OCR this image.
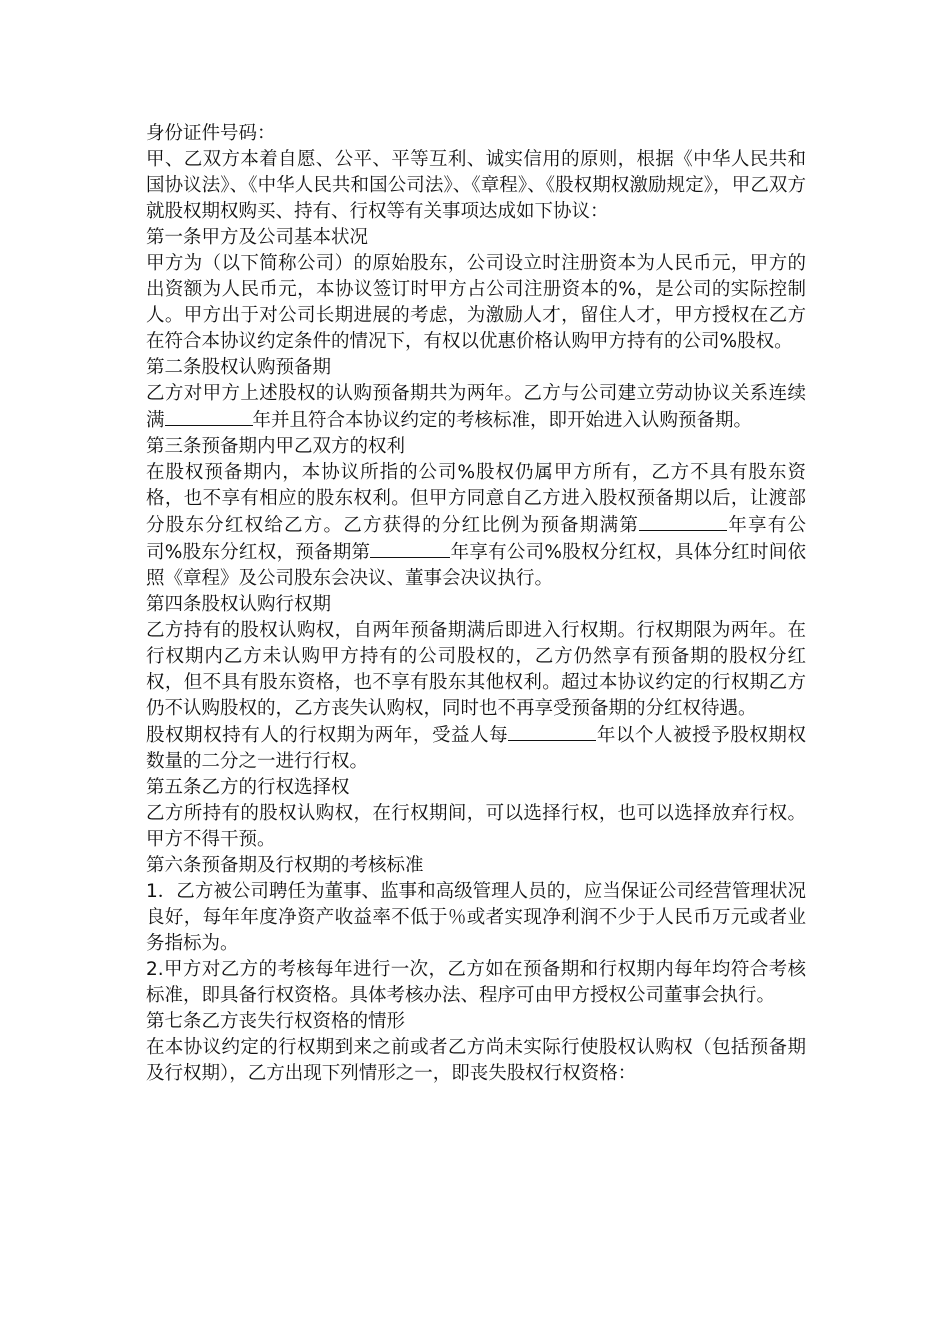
身份证件号码：

甲、乙双方本着自愿、公平、平等互利、诚实信用的原则，根据《中华人民共和国协议法》、《中华人民共和国公司法》、《章程》、《股权期权激励规定》，甲乙双方就股权期权购买、持有、行权等有关事项达成如下协议：

第一条甲方及公司基本状况

甲方为（以下简称公司）的原始股东，公司设立时注册资本为人民币元，甲方的出资额为人民币元，本协议签订时甲方占公司注册资本的%，是公司的实际控制人。甲方出于对公司长期进展的考虑，为激励人才，留住人才，甲方授权在乙方在符合本协议约定条件的情况下，有权以优惠价格认购甲方持有的公司%股权。

第二条股权认购预备期

乙方对甲方上述股权的认购预备期共为两年。乙方与公司建立劳动协议关系连续满	年并且符合本协议约定的考核标准，即开始进入认购预备期。

第三条预备期内甲乙双方的权利

在股权预备期内，本协议所指的公司%股权仍属甲方所有，乙方不具有股东资格，也不享有相应的股东权利。但甲方同意自乙方进入股权预备期以后，让渡部分股东分红权给乙方。乙方获得的分红比例为预备期满第	年享有公司%股东分红权，预备期第	年享有公司%股权分红权，具体分红时间依照《章程》及公司股东会决议、董事会决议执行。

第四条股权认购行权期

乙方持有的股权认购权，自两年预备期满后即进入行权期。行权期限为两年。在行权期内乙方未认购甲方持有的公司股权的，乙方仍然享有预备期的股权分红权，但不具有股东资格，也不享有股东其他权利。超过本协议约定的行权期乙方仍不认购股权的，乙方丧失认购权，同时也不再享受预备期的分红权待遇。

股权期权持有人的行权期为两年，受益人每	年以个人被授予股权期权数量的二分之一进行行权。

第五条乙方的行权选择权

乙方所持有的股权认购权，在行权期间，可以选择行权，也可以选择放弃行权。甲方不得干预。

第六条预备期及行权期的考核标准

1．乙方被公司聘任为董事、监事和高级管理人员的，应当保证公司经营管理状况良好，每年年度净资产收益率不低于％或者实现净利润不少于人民币万元或者业务指标为。

2.甲方对乙方的考核每年进行一次，乙方如在预备期和行权期内每年均符合考核标准，即具备行权资格。具体考核办法、程序可由甲方授权公司董事会执行。

第七条乙方丧失行权资格的情形

在本协议约定的行权期到来之前或者乙方尚未实际行使股权认购权（包括预备期及行权期），乙方出现下列情形之一，即丧失股权行权资格：
